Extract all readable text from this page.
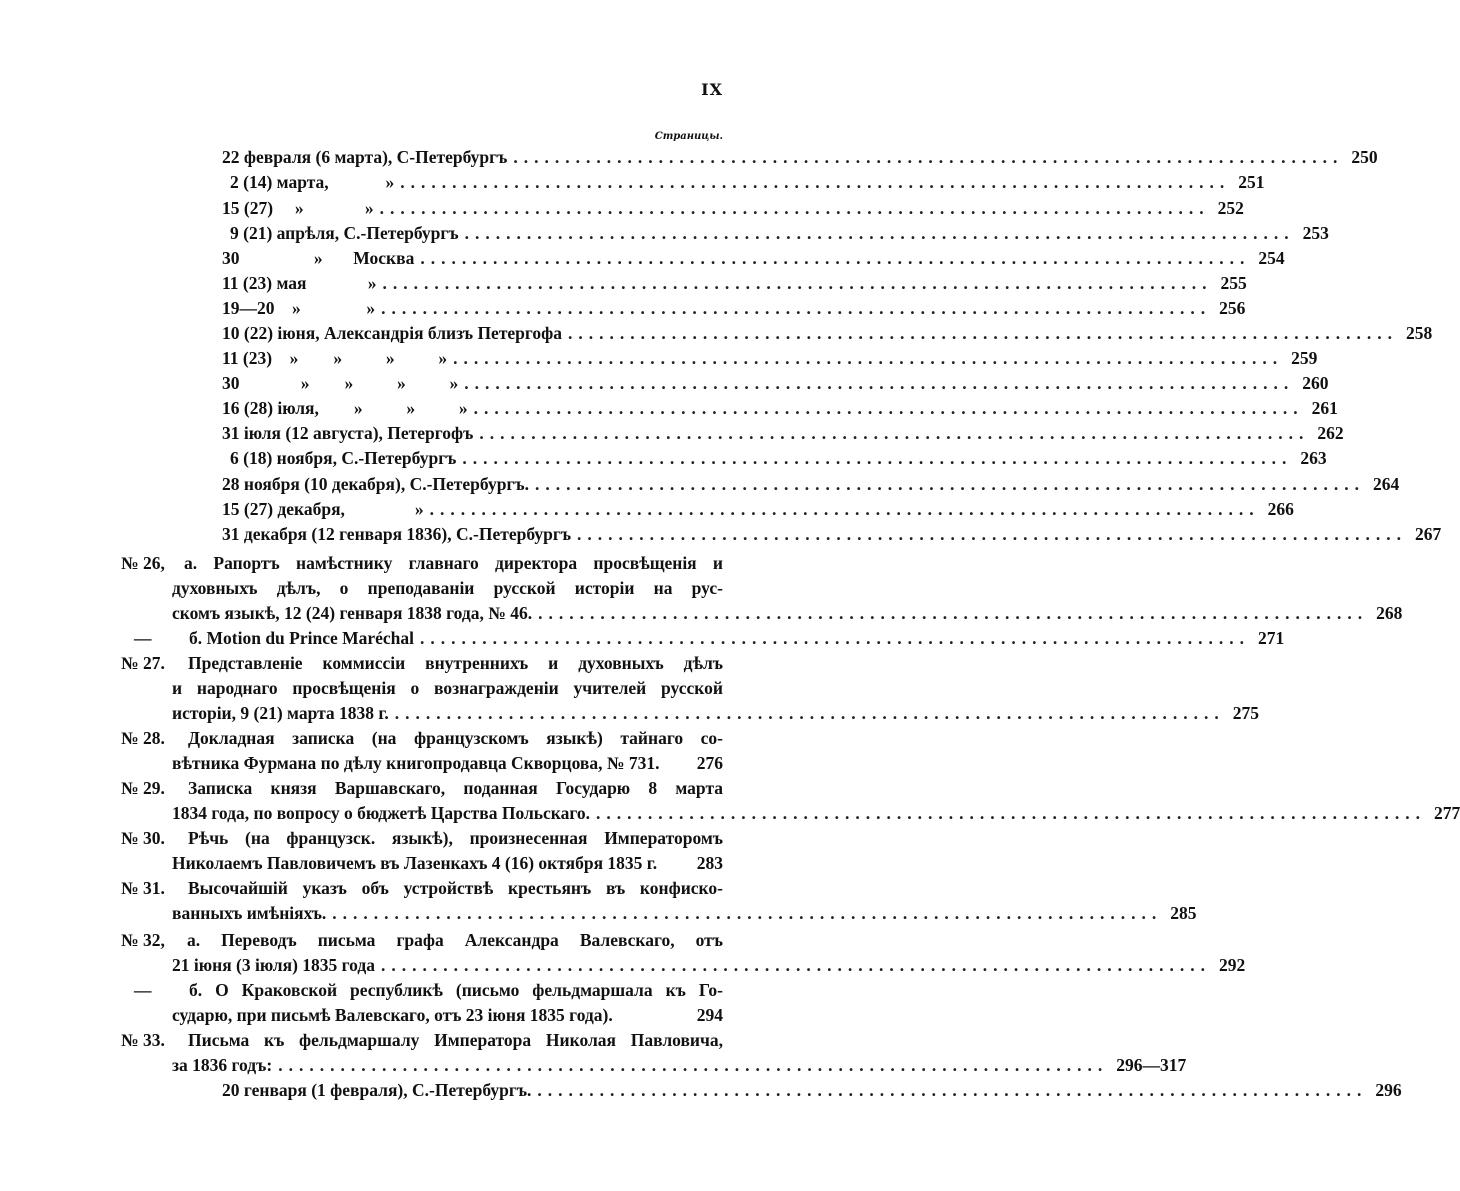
IX
Страницы.
22 февраля (6 марта), С-Петербургъ ................................................................................ 250
2 (14) марта,             » ................................................................................ 251
15 (27)     »              » ................................................................................ 252
9 (21) апрѣля, С.-Петербургъ ................................................................................ 253
30                 »       Москва ................................................................................ 254
11 (23) мая              » ................................................................................ 255
19—20    »               » ................................................................................ 256
10 (22) іюня, Александрія близъ Петергофа ................................................................................ 258
11 (23)    »        »          »          » ................................................................................ 259
30              »        »          »          » ................................................................................ 260
16 (28) іюля,        »          »          » ................................................................................ 261
31 іюля (12 августа), Петергофъ ................................................................................ 262
6 (18) ноября, С.-Петербургъ ................................................................................ 263
28 ноября (10 декабря), С.-Петербургъ. ................................................................................ 264
15 (27) декабря,                » ................................................................................ 266
31 декабря (12 генваря 1836), С.-Петербургъ ................................................................................ 267
№ 26, а. Рапортъ намѣстнику главнаго директора просвѣщенія и
духовныхъ дѣлъ, о преподаваніи русской исторіи на рус-
скомъ языкѣ, 12 (24) генваря 1838 года, № 46. ................................................................................ 268
— б. Motion du Prince Maréchal ................................................................................ 271
№ 27. Представленіе коммиссіи внутреннихъ и духовныхъ дѣлъ
и народнаго просвѣщенія о вознагражденіи учителей русской
исторіи, 9 (21) марта 1838 г. ................................................................................ 275
№ 28. Докладная записка (на французскомъ языкѣ) тайнаго со-
вѣтника Фурмана по дѣлу книгопродавца Скворцова, № 731.	276
№ 29. Записка князя Варшавскаго, поданная Государю 8 марта
1834 года, по вопросу о бюджетѣ Царства Польскаго. ................................................................................ 277
№ 30. Рѣчь (на французск. языкѣ), произнесенная Императоромъ
Николаемъ Павловичемъ въ Лазенкахъ 4 (16) октября 1835 г.	283
№ 31. Высочайшій указъ объ устройствѣ крестьянъ въ конфиско-
ванныхъ имѣніяхъ. ................................................................................ 285
№ 32, а. Переводъ письма графа Александра Валевскаго, отъ
21 іюня (3 іюля) 1835 года ................................................................................ 292
— б. О Краковской республикѣ (письмо фельдмаршала къ Го-
сударю, при письмѣ Валевскаго, отъ 23 іюня 1835 года).	294
№ 33. Письма къ фельдмаршалу Императора Николая Павловича,
за 1836 годъ: ................................................................................ 296—317
20 генваря (1 февраля), С.-Петербургъ. ................................................................................ 296
